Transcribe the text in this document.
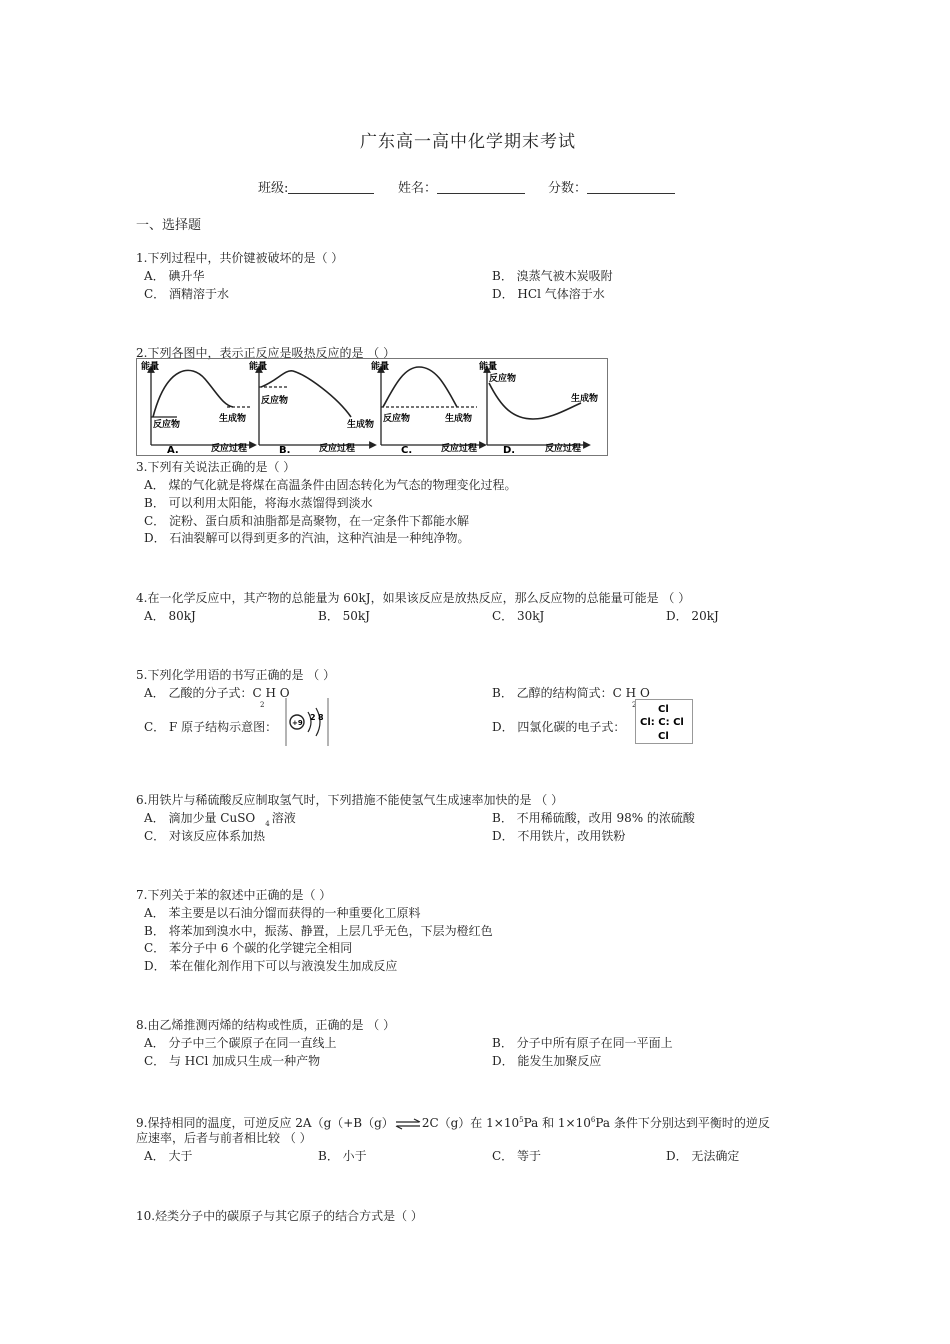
广东高一高中化学期末考试
班级:	姓名：	分数：
一、选择题
1.下列过程中，共价键被破坏的是（ ）
A． 碘升华	B． 溴蒸气被木炭吸附
C． 酒精溶于水	D． HCl 气体溶于水
2.下列各图中，表示正反应是吸热反应的是 （ ）
能量
反应物
生成物
A.	反应过程
能量
反应物
生成物
B.	反应过程
能量
反应物	生成物
C.	反应过程
反应物
生成物
能量
D.	反应过程
3.下列有关说法正确的是（ ）
A． 煤的气化就是将煤在高温条件由固态转化为气态的物理变化过程。
B． 可以利用太阳能，将海水蒸馏得到淡水
C． 淀粉、蛋白质和油脂都是高聚物，在一定条件下都能水解
D． 石油裂解可以得到更多的汽油，这种汽油是一种纯净物。
4.在一化学反应中，其产物的总能量为 60kJ，如果该反应是放热反应，那么反应物的总能量可能是 （ ）
A． 80kJ	B． 50kJ	C． 30kJ	D． 20kJ
5.下列化学用语的书写正确的是 （ ）
A． 乙酸的分子式：C H O
2
B． 乙醇的结构简式：C H O
2
C． F 原子结构示意图： +9
2 8
D． 四氯化碳的电子式：
Cl
Cl: C: Cl
Cl
6.用铁片与稀硫酸反应制取氢气时，下列措施不能使氢气生成速率加快的是 （ ）
A． 滴加少量 CuSO $_4$ 溶液	B． 不用稀硫酸，改用 98% 的浓硫酸
C． 对该反应体系加热	D． 不用铁片，改用铁粉
7.下列关于苯的叙述中正确的是（ ）
A． 苯主要是以石油分馏而获得的一种重要化工原料
B． 将苯加到溴水中，振荡、静置，上层几乎无色，下层为橙红色
C． 苯分子中 6 个碳的化学键完全相同
D． 苯在催化剂作用下可以与液溴发生加成反应
8.由乙烯推测丙烯的结构或性质，正确的是 （ ）
A． 分子中三个碳原子在同一直线上	B． 分子中所有原子在同一平面上
C． 与 HCl 加成只生成一种产物	D． 能发生加聚反应
9.保持相同的温度，可逆反应 2A（g（+B（g）⇌2C（g）在 $1\times 10^5Pa$ 和 $1\times 10^6Pa$ 条件下分别达到平衡时的逆反
应速率，后者与前者相比较 （ ）
A． 大于	B． 小于	C． 等于	D． 无法确定
10.烃类分子中的碳原子与其它原子的结合方式是（ ）
